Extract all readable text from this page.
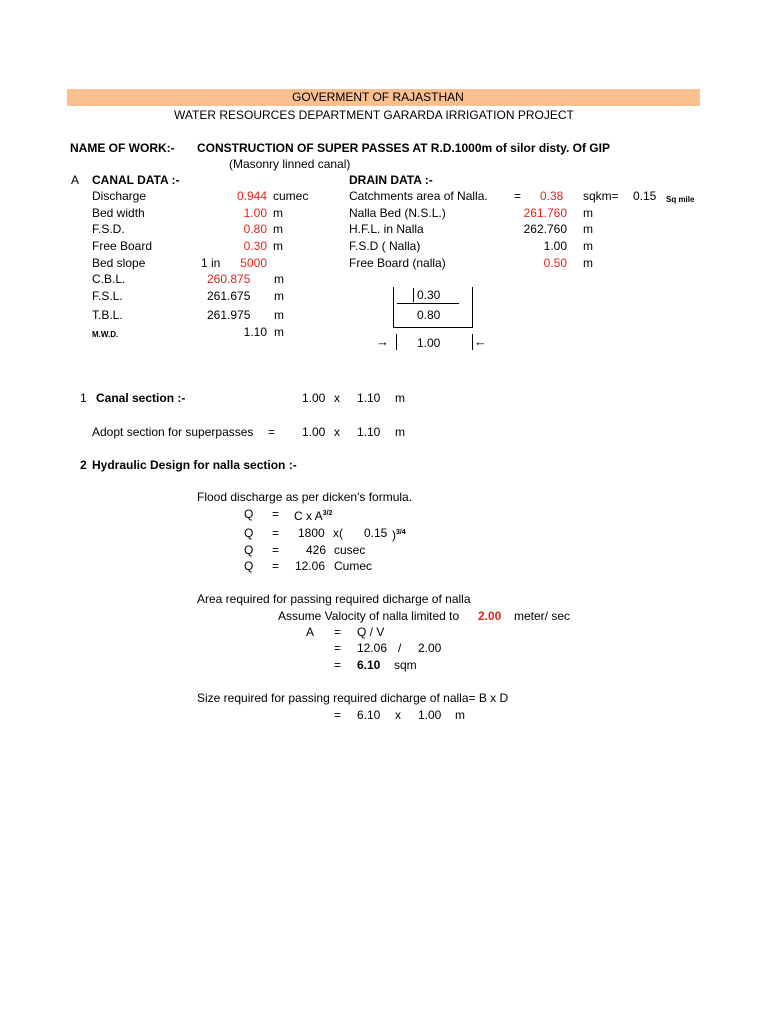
GOVERMENT OF RAJASTHAN
WATER RESOURCES DEPARTMENT GARARDA IRRIGATION PROJECT
NAME OF WORK:- CONSTRUCTION OF SUPER PASSES AT R.D.1000m of silor disty. Of GIP
(Masonry linned canal)
A CANAL DATA :-
Discharge	0.944 cumec
Bed width	1.00 m
F.S.D.	0.80 m
Free Board	0.30 m
Bed slope	1 in	5000
C.B.L.	260.875 m
F.S.L.	261.675 m
T.B.L.	261.975 m
M.W.D.	1.10 m
DRAIN DATA :-
Catchments area of Nalla. = 0.38 sqkm= 0.15 Sq mile
Nalla Bed (N.S.L.)	261.760 m
H.F.L. in Nalla	262.760 m
F.S.D ( Nalla)	1.00 m
Free Board (nalla)	0.50 m
0.30
0.80
→	←
1.00
1 Canal section :-	1.00 x 1.10 m
Adopt section for superpasses = 1.00 x 1.10 m
2 Hydraulic Design for nalla section :-
Flood discharge as per dicken's formula.
Q = C x $A^{3/2}$
Q = 1800 x( 0.15 )$^{3/4}$
Q = 426 cusec
Q = 12.06 Cumec
Area required for passing required dicharge of nalla
Assume Valocity of nalla limited to 2.00 meter/ sec
A = Q / V
= 12.06 / 2.00
= 6.10 sqm
Size required for passing required dicharge of nalla= B x D
= 6.10 x 1.00 m
